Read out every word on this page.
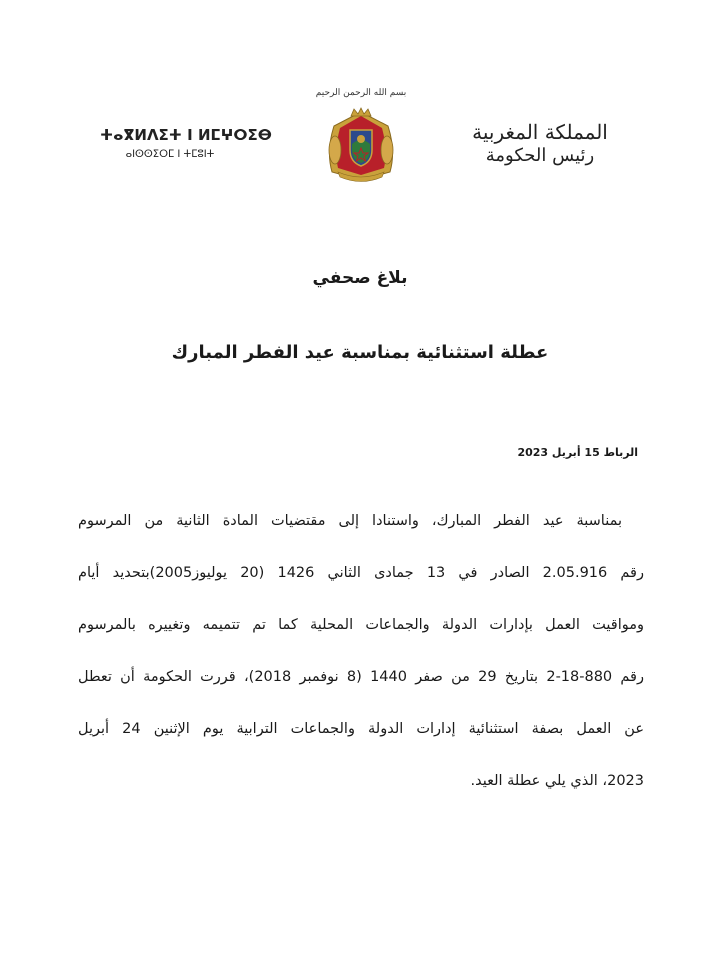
بسم الله الرحمن الرحيم
ⵜⴰⴳⵍⴷⵉⵜ ⵏ ⵍⵎⵖⵔⵉⴱ
ⴰⵏⵙⵙⵉⵔⵎ ⵏ ⵜⵎⵓⵏⵜ
المملكة المغربية
رئيس الحكومة
بلاغ صحفي
عطلة استثنائية بمناسبة عيد الفطر المبارك
الرباط 15 أبريل 2023
بمناسبة عيد الفطر المبارك، واستنادا إلى مقتضيات المادة الثانية من المرسوم
رقم 2.05.916 الصادر في 13 جمادى الثاني 1426 (20 يوليوز2005)بتحديد أيام
ومواقيت العمل بإدارات الدولة والجماعات المحلية كما تم تتميمه وتغييره بالمرسوم
رقم 880-18-2 بتاريخ 29 من صفر 1440 (8 نوفمبر 2018)، قررت الحكومة أن تعطل
عن العمل بصفة استثنائية إدارات الدولة والجماعات الترابية يوم الإثنين 24 أبريل
2023، الذي يلي عطلة العيد.
